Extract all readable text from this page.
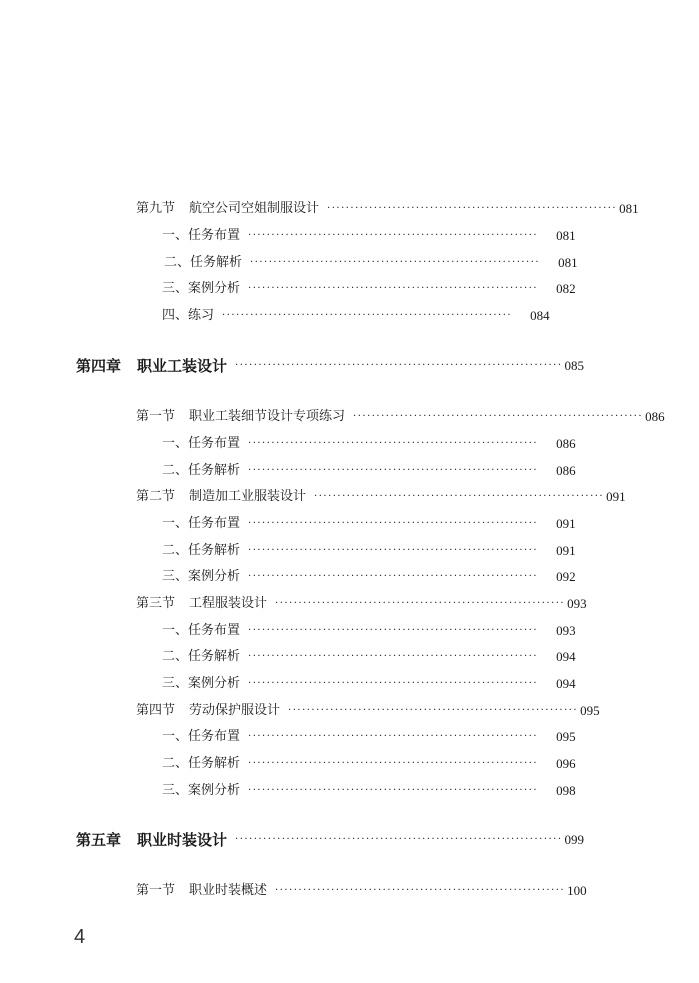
第九节 航空公司空姐制服设计 ······························································ 081
一、任务布置 ······························································ 081
二、任务解析 ······························································ 081
三、案例分析 ······························································ 082
四、练习 ······························································ 084
第四章 职业工装设计 ······································································ 085
第一节 职业工装细节设计专项练习 ······························································ 086
一、任务布置 ······························································ 086
二、任务解析 ······························································ 086
第二节 制造加工业服装设计 ······························································ 091
一、任务布置 ······························································ 091
二、任务解析 ······························································ 091
三、案例分析 ······························································ 092
第三节 工程服装设计 ······························································ 093
一、任务布置 ······························································ 093
二、任务解析 ······························································ 094
三、案例分析 ······························································ 094
第四节 劳动保护服设计 ······························································ 095
一、任务布置 ······························································ 095
二、任务解析 ······························································ 096
三、案例分析 ······························································ 098
第五章 职业时装设计 ······································································ 099
第一节 职业时装概述 ······························································ 100
4
